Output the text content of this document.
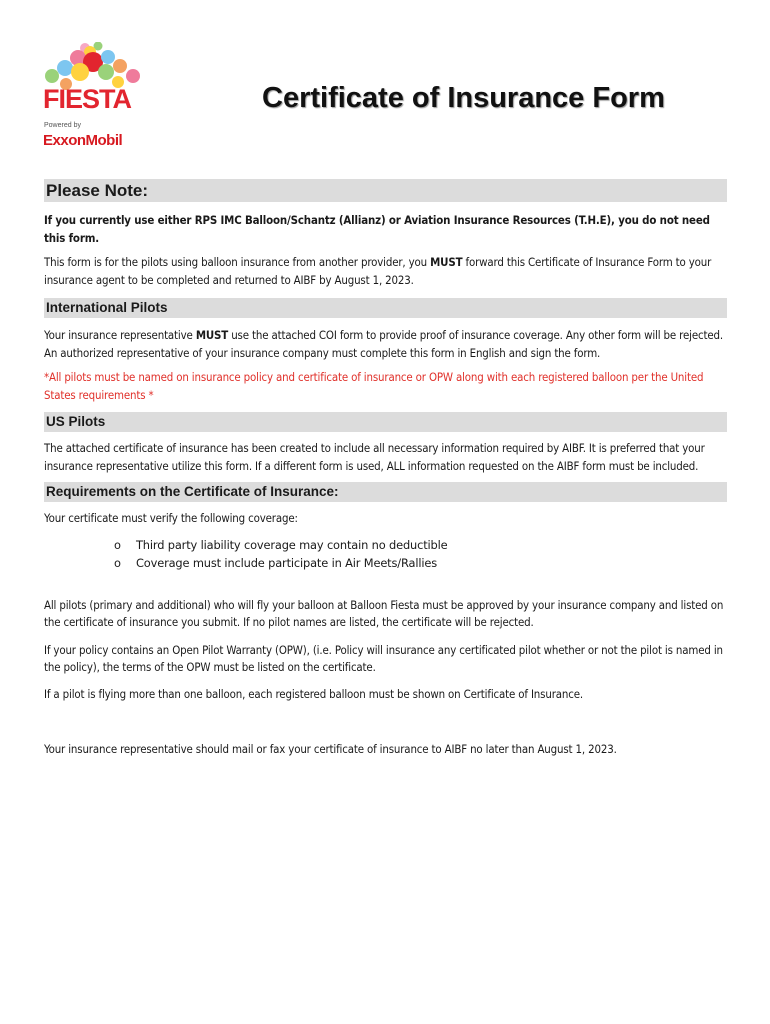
FIESTA
Powered by
ExxonMobil
Certificate of Insurance Form
Please Note:

If you currently use either RPS IMC Balloon/Schantz (Allianz) or Aviation Insurance Resources (T.H.E), you do not need this form.

This form is for the pilots using balloon insurance from another provider, you MUST forward this Certificate of Insurance Form to your insurance agent to be completed and returned to AIBF by August 1, 2023.

International Pilots

Your insurance representative MUST use the attached COI form to provide proof of insurance coverage. Any other form will be rejected. An authorized representative of your insurance company must complete this form in English and sign the form.

*All pilots must be named on insurance policy and certificate of insurance or OPW along with each registered balloon per the United States requirements *

US Pilots

The attached certificate of insurance has been created to include all necessary information required by AIBF. It is preferred that your insurance representative utilize this form. If a different form is used, ALL information requested on the AIBF form must be included.

Requirements on the Certificate of Insurance:

Your certificate must verify the following coverage:

o Third party liability coverage may contain no deductible
o Coverage must include participate in Air Meets/Rallies

All pilots (primary and additional) who will fly your balloon at Balloon Fiesta must be approved by your insurance company and listed on the certificate of insurance you submit. If no pilot names are listed, the certificate will be rejected.

If your policy contains an Open Pilot Warranty (OPW), (i.e. Policy will insurance any certificated pilot whether or not the pilot is named in the policy), the terms of the OPW must be listed on the certificate.

If a pilot is flying more than one balloon, each registered balloon must be shown on Certificate of Insurance.

Your insurance representative should mail or fax your certificate of insurance to AIBF no later than August 1, 2023.
